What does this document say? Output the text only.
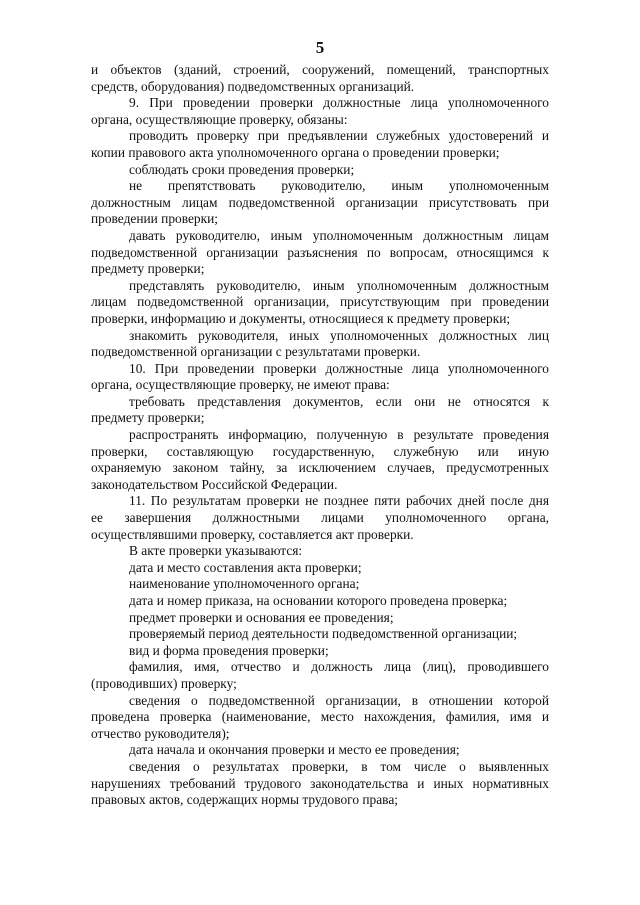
5
и объектов (зданий, строений, сооружений, помещений, транспортных
средств, оборудования) подведомственных организаций.
9. При проведении проверки должностные лица уполномоченного
органа, осуществляющие проверку, обязаны:
проводить проверку при предъявлении служебных удостоверений и
копии правового акта уполномоченного органа о проведении проверки;
соблюдать сроки проведения проверки;
не препятствовать руководителю, иным уполномоченным
должностным лицам подведомственной организации присутствовать при
проведении проверки;
давать руководителю, иным уполномоченным должностным лицам
подведомственной организации разъяснения по вопросам, относящимся к
предмету проверки;
представлять руководителю, иным уполномоченным должностным
лицам подведомственной организации, присутствующим при проведении
проверки, информацию и документы, относящиеся к предмету проверки;
знакомить руководителя, иных уполномоченных должностных лиц
подведомственной организации с результатами проверки.
10. При проведении проверки должностные лица уполномоченного
органа, осуществляющие проверку, не имеют права:
требовать представления документов, если они не относятся к
предмету проверки;
распространять информацию, полученную в результате проведения
проверки, составляющую государственную, служебную или иную
охраняемую законом тайну, за исключением случаев, предусмотренных
законодательством Российской Федерации.
11. По результатам проверки не позднее пяти рабочих дней после дня
ее завершения должностными лицами уполномоченного органа,
осуществлявшими проверку, составляется акт проверки.
В акте проверки указываются:
дата и место составления акта проверки;
наименование уполномоченного органа;
дата и номер приказа, на основании которого проведена проверка;
предмет проверки и основания ее проведения;
проверяемый период деятельности подведомственной организации;
вид и форма проведения проверки;
фамилия, имя, отчество и должность лица (лиц), проводившего
(проводивших) проверку;
сведения о подведомственной организации, в отношении которой
проведена проверка (наименование, место нахождения, фамилия, имя и
отчество руководителя);
дата начала и окончания проверки и место ее проведения;
сведения о результатах проверки, в том числе о выявленных
нарушениях требований трудового законодательства и иных нормативных
правовых актов, содержащих нормы трудового права;
